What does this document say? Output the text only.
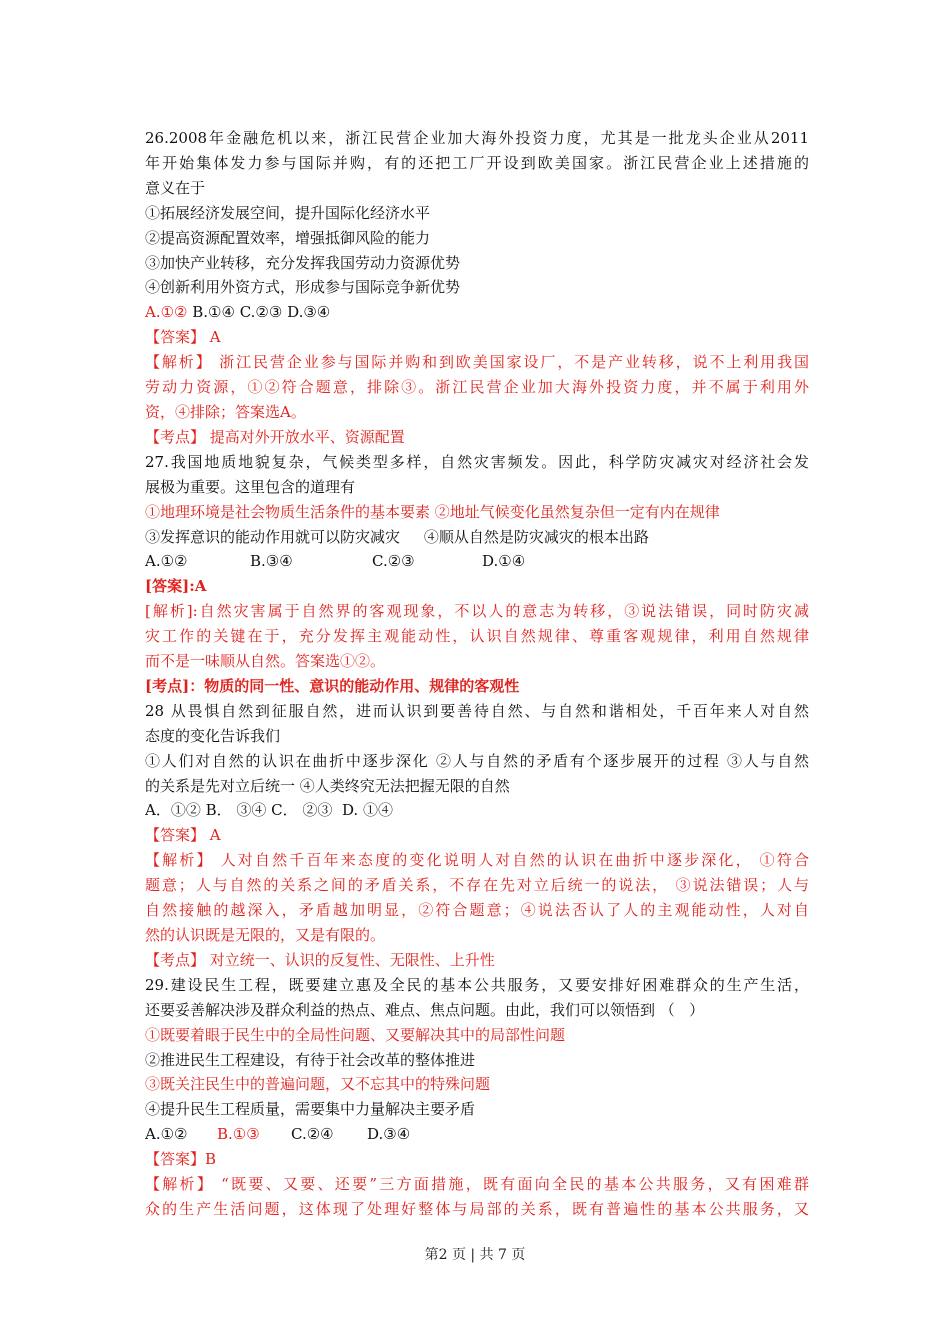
26.2008年金融危机以来，浙江民营企业加大海外投资力度，尤其是一批龙头企业从2011
年开始集体发力参与国际并购，有的还把工厂开设到欧美国家。浙江民营企业上述措施的
意义在于
①拓展经济发展空间，提升国际化经济水平
②提高资源配置效率，增强抵御风险的能力
③加快产业转移，充分发挥我国劳动力资源优势
④创新利用外资方式，形成参与国际竞争新优势
A.①② B.①④ C.②③ D.③④
【答案】 A
【解析】 浙江民营企业参与国际并购和到欧美国家设厂，不是产业转移，说不上利用我国
劳动力资源，①②符合题意，排除③。浙江民营企业加大海外投资力度，并不属于利用外
资，④排除；答案选A。
【考点】 提高对外开放水平、资源配置
27.我国地质地貌复杂，气候类型多样，自然灾害频发。因此，科学防灾减灾对经济社会发
展极为重要。这里包含的道理有
①地理环境是社会物质生活条件的基本要素 ②地址气候变化虽然复杂但一定有内在规律
③发挥意识的能动作用就可以防灾减灾     ④顺从自然是防灾减灾的根本出路
A.①②	B.③④	C.②③	D.①④
[答案]:A
[解析]:自然灾害属于自然界的客观现象，不以人的意志为转移，③说法错误，同时防灾减
灾工作的关键在于，充分发挥主观能动性，认识自然规律、尊重客观规律，利用自然规律
而不是一味顺从自然。答案选①②。
[考点]：物质的同一性、意识的能动作用、规律的客观性
28 从畏惧自然到征服自然，进而认识到要善待自然、与自然和谐相处，千百年来人对自然
态度的变化告诉我们
①人们对自然的认识在曲折中逐步深化 ②人与自然的矛盾有个逐步展开的过程 ③人与自然
的关系是先对立后统一 ④人类终究无法把握无限的自然
A．①② B． ③④ C． ②③  D. ①④
【答案】 A
【解析】 人对自然千百年来态度的变化说明人对自然的认识在曲折中逐步深化， ①符合
题意；人与自然的关系之间的矛盾关系，不存在先对立后统一的说法， ③说法错误；人与
自然接触的越深入，矛盾越加明显，②符合题意；④说法否认了人的主观能动性，人对自
然的认识既是无限的，又是有限的。
【考点】 对立统一、认识的反复性、无限性、上升性
29.建设民生工程，既要建立惠及全民的基本公共服务，又要安排好困难群众的生产生活，
还要妥善解决涉及群众利益的热点、难点、焦点问题。由此，我们可以领悟到 （   ）
①既要着眼于民生中的全局性问题、又要解决其中的局部性问题
②推进民生工程建设，有待于社会改革的整体推进
③既关注民生中的普遍问题，又不忘其中的特殊问题
④提升民生工程质量，需要集中力量解决主要矛盾
A.①② B.①③ C.②④ D.③④
【答案】B
【解析】 “既要、又要、还要”三方面措施，既有面向全民的基本公共服务，又有困难群
众的生产生活问题，这体现了处理好整体与局部的关系，既有普遍性的基本公共服务，又
第2 页 | 共 7 页
